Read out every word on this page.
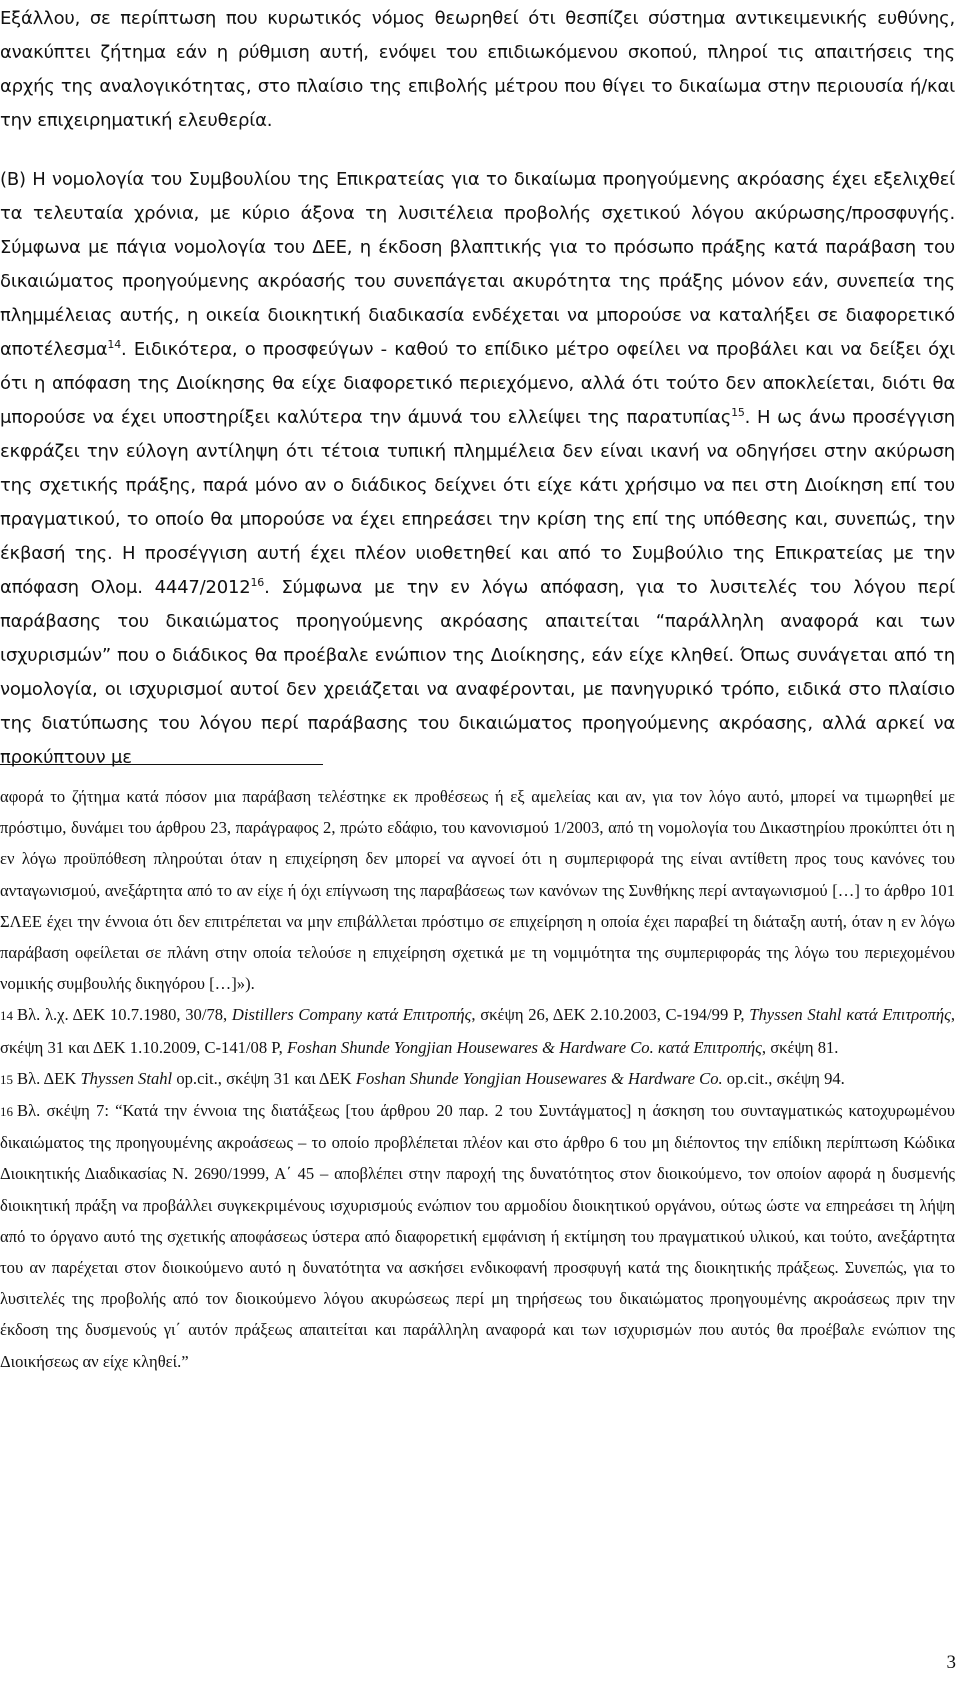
Εξάλλου, σε περίπτωση που κυρωτικός νόμος θεωρηθεί ότι θεσπίζει σύστημα αντικειμενικής ευθύνης, ανακύπτει ζήτημα εάν η ρύθμιση αυτή, ενόψει του επιδιωκόμενου σκοπού, πληροί τις απαιτήσεις της αρχής της αναλογικότητας, στο πλαίσιο της επιβολής μέτρου που θίγει το δικαίωμα στην περιουσία ή/και την επιχειρηματική ελευθερία.

(Β) Η νομολογία του Συμβουλίου της Επικρατείας για το δικαίωμα προηγούμενης ακρόασης έχει εξελιχθεί τα τελευταία χρόνια, με κύριο άξονα τη λυσιτέλεια προβολής σχετικού λόγου ακύρωσης/προσφυγής. Σύμφωνα με πάγια νομολογία του ΔΕΕ, η έκδοση βλαπτικής για το πρόσωπο πράξης κατά παράβαση του δικαιώματος προηγούμενης ακρόασής του συνεπάγεται ακυρότητα της πράξης μόνον εάν, συνεπεία της πλημμέλειας αυτής, η οικεία διοικητική διαδικασία ενδέχεται να μπορούσε να καταλήξει σε διαφορετικό αποτέλεσμα$^{14}$. Ειδικότερα, ο προσφεύγων - καθού το επίδικο μέτρο οφείλει να προβάλει και να δείξει όχι ότι η απόφαση της Διοίκησης θα είχε διαφορετικό περιεχόμενο, αλλά ότι τούτο δεν αποκλείεται, διότι θα μπορούσε να έχει υποστηρίξει καλύτερα την άμυνά του ελλείψει της παρατυπίας$^{15}$. Η ως άνω προσέγγιση εκφράζει την εύλογη αντίληψη ότι τέτοια τυπική πλημμέλεια δεν είναι ικανή να οδηγήσει στην ακύρωση της σχετικής πράξης, παρά μόνο αν ο διάδικος δείχνει ότι είχε κάτι χρήσιμο να πει στη Διοίκηση επί του πραγματικού, το οποίο θα μπορούσε να έχει επηρεάσει την κρίση της επί της υπόθεσης και, συνεπώς, την έκβασή της. Η προσέγγιση αυτή έχει πλέον υιοθετηθεί και από το Συμβούλιο της Επικρατείας με την απόφαση Ολομ. 4447/2012$^{16}$. Σύμφωνα με την εν λόγω απόφαση, για το λυσιτελές του λόγου περί παράβασης του δικαιώματος προηγούμενης ακρόασης απαιτείται “παράλληλη αναφορά και των ισχυρισμών” που ο διάδικος θα προέβαλε ενώπιον της Διοίκησης, εάν είχε κληθεί. Όπως συνάγεται από τη νομολογία, οι ισχυρισμοί αυτοί δεν χρειάζεται να αναφέρονται, με πανηγυρικό τρόπο, ειδικά στο πλαίσιο της διατύπωσης του λόγου περί παράβασης του δικαιώματος προηγούμενης ακρόασης, αλλά αρκεί να προκύπτουν με

αφορά το ζήτημα κατά πόσον μια παράβαση τελέστηκε εκ προθέσεως ή εξ αμελείας και αν, για τον λόγο αυτό, μπορεί να τιμωρηθεί με πρόστιμο, δυνάμει του άρθρου 23, παράγραφος 2, πρώτο εδάφιο, του κανονισμού 1/2003, από τη νομολογία του Δικαστηρίου προκύπτει ότι η εν λόγω προϋπόθεση πληρούται όταν η επιχείρηση δεν μπορεί να αγνοεί ότι η συμπεριφορά της είναι αντίθετη προς τους κανόνες του ανταγωνισμού, ανεξάρτητα από το αν είχε ή όχι επίγνωση της παραβάσεως των κανόνων της Συνθήκης περί ανταγωνισμού […] το άρθρο 101 ΣΛΕΕ έχει την έννοια ότι δεν επιτρέπεται να μην επιβάλλεται πρόστιμο σε επιχείρηση η οποία έχει παραβεί τη διάταξη αυτή, όταν η εν λόγω παράβαση οφείλεται σε πλάνη στην οποία τελούσε η επιχείρηση σχετικά με τη νομιμότητα της συμπεριφοράς της λόγω του περιεχομένου νομικής συμβουλής δικηγόρου […]»).

14 Βλ. λ.χ. ΔΕΚ 10.7.1980, 30/78, Distillers Company κατά Επιτροπής, σκέψη 26, ΔΕΚ 2.10.2003, C-194/99 P, Thyssen Stahl κατά Επιτροπής, σκέψη 31 και ΔΕΚ 1.10.2009, C-141/08 P, Foshan Shunde Yongjian Housewares & Hardware Co. κατά Επιτροπής, σκέψη 81.

15 Βλ. ΔΕΚ Thyssen Stahl op.cit., σκέψη 31 και ΔΕΚ Foshan Shunde Yongjian Housewares & Hardware Co. op.cit., σκέψη 94.

16 Βλ. σκέψη 7: “Κατά την έννοια της διατάξεως [του άρθρου 20 παρ. 2 του Συντάγματος] η άσκηση του συνταγματικώς κατοχυρωμένου δικαιώματος της προηγουμένης ακροάσεως – το οποίο προβλέπεται πλέον και στο άρθρο 6 του μη διέποντος την επίδικη περίπτωση Κώδικα Διοικητικής Διαδικασίας Ν. 2690/1999, Α΄ 45 – αποβλέπει στην παροχή της δυνατότητος στον διοικούμενο, τον οποίον αφορά η δυσμενής διοικητική πράξη να προβάλλει συγκεκριμένους ισχυρισμούς ενώπιον του αρμοδίου διοικητικού οργάνου, ούτως ώστε να επηρεάσει τη λήψη από το όργανο αυτό της σχετικής αποφάσεως ύστερα από διαφορετική εμφάνιση ή εκτίμηση του πραγματικού υλικού, και τούτο, ανεξάρτητα του αν παρέχεται στον διοικούμενο αυτό η δυνατότητα να ασκήσει ενδικοφανή προσφυγή κατά της διοικητικής πράξεως. Συνεπώς, για το λυσιτελές της προβολής από τον διοικούμενο λόγου ακυρώσεως περί μη τηρήσεως του δικαιώματος προηγουμένης ακροάσεως πριν την έκδοση της δυσμενούς γι΄ αυτόν πράξεως απαιτείται και παράλληλη αναφορά και των ισχυρισμών που αυτός θα προέβαλε ενώπιον της Διοικήσεως αν είχε κληθεί.”

3
